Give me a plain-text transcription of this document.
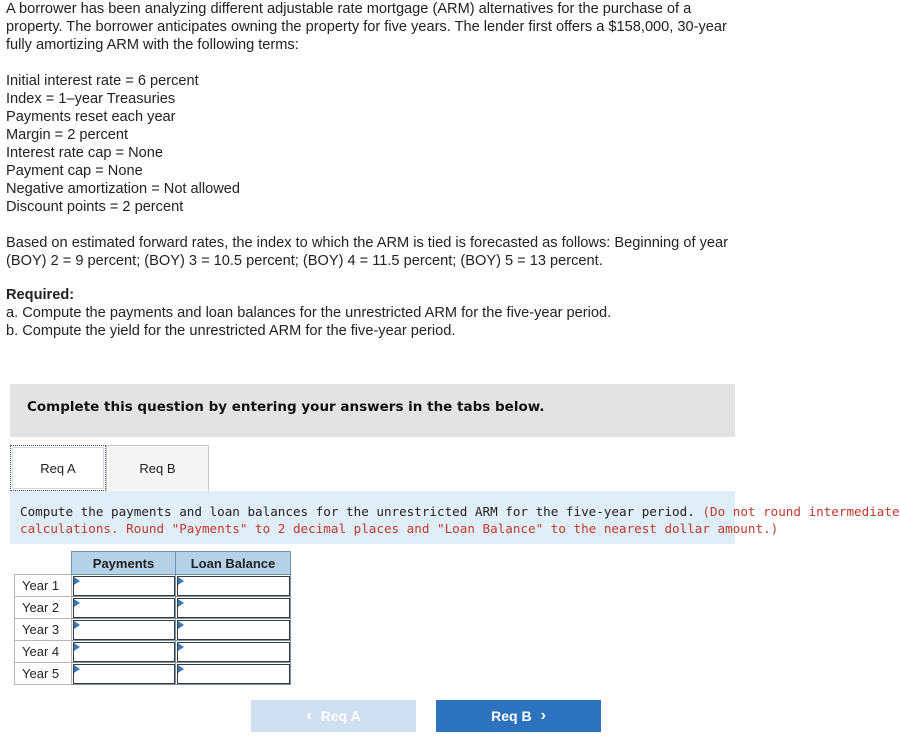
A borrower has been analyzing different adjustable rate mortgage (ARM) alternatives for the purchase of a property. The borrower anticipates owning the property for five years. The lender first offers a $158,000, 30-year fully amortizing ARM with the following terms:

Initial interest rate = 6 percent
Index = 1–year Treasuries
Payments reset each year
Margin = 2 percent
Interest rate cap = None
Payment cap = None
Negative amortization = Not allowed
Discount points = 2 percent

Based on estimated forward rates, the index to which the ARM is tied is forecasted as follows: Beginning of year (BOY) 2 = 9 percent; (BOY) 3 = 10.5 percent; (BOY) 4 = 11.5 percent; (BOY) 5 = 13 percent.

Required:
a. Compute the payments and loan balances for the unrestricted ARM for the five-year period.
b. Compute the yield for the unrestricted ARM for the five-year period.
Complete this question by entering your answers in the tabs below.
Req A	Req B
Compute the payments and loan balances for the unrestricted ARM for the five-year period. (Do not round intermediate
calculations. Round "Payments" to 2 decimal places and "Loan Balance" to the nearest dollar amount.)
	Payments	Loan Balance
Year 1	

Year 2	

Year 3	

Year 4	

Year 5	

‹ Req A	Req B ›
